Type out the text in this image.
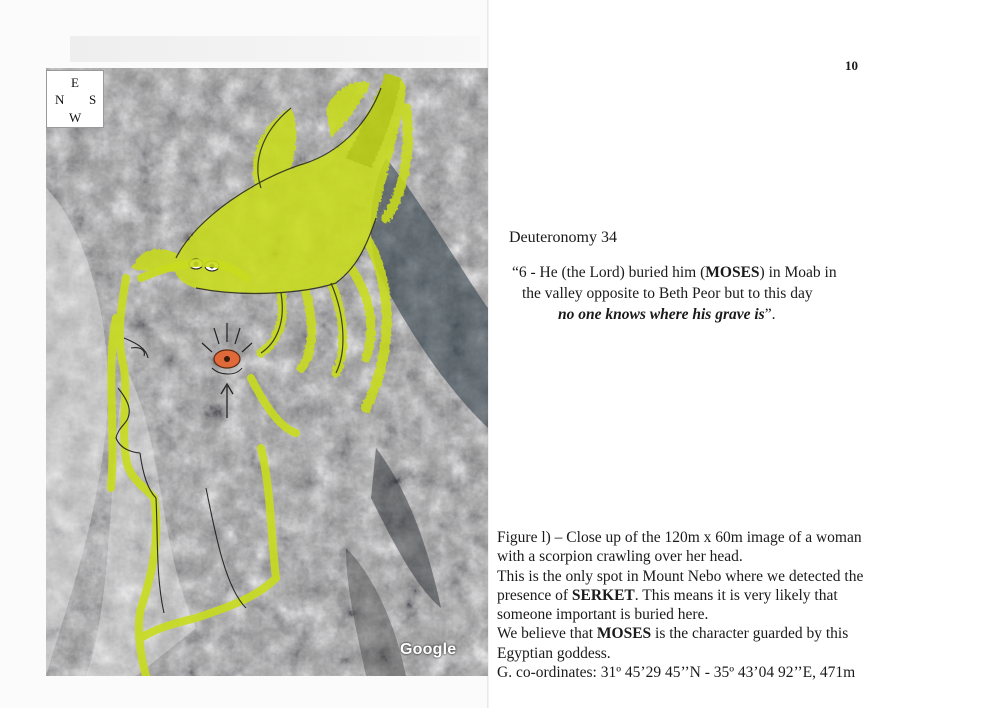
E
N S
W
Google
10
Deuteronomy 34
“6 - He (the Lord) buried him (MOSES) in Moab in
the valley opposite to Beth Peor but to this day
no one knows where his grave is”.

Figure l) – Close up of the 120m x 60m image of a woman

with a scorpion crawling over her head.

This is the only spot in Mount Nebo where we detected the

presence of SERKET. This means it is very likely that

someone important is buried here.

We believe that MOSES is the character guarded by this

Egyptian goddess.

G. co-ordinates: 31º 45’29 45’’N - 35º 43’04 92’’E, 471m
